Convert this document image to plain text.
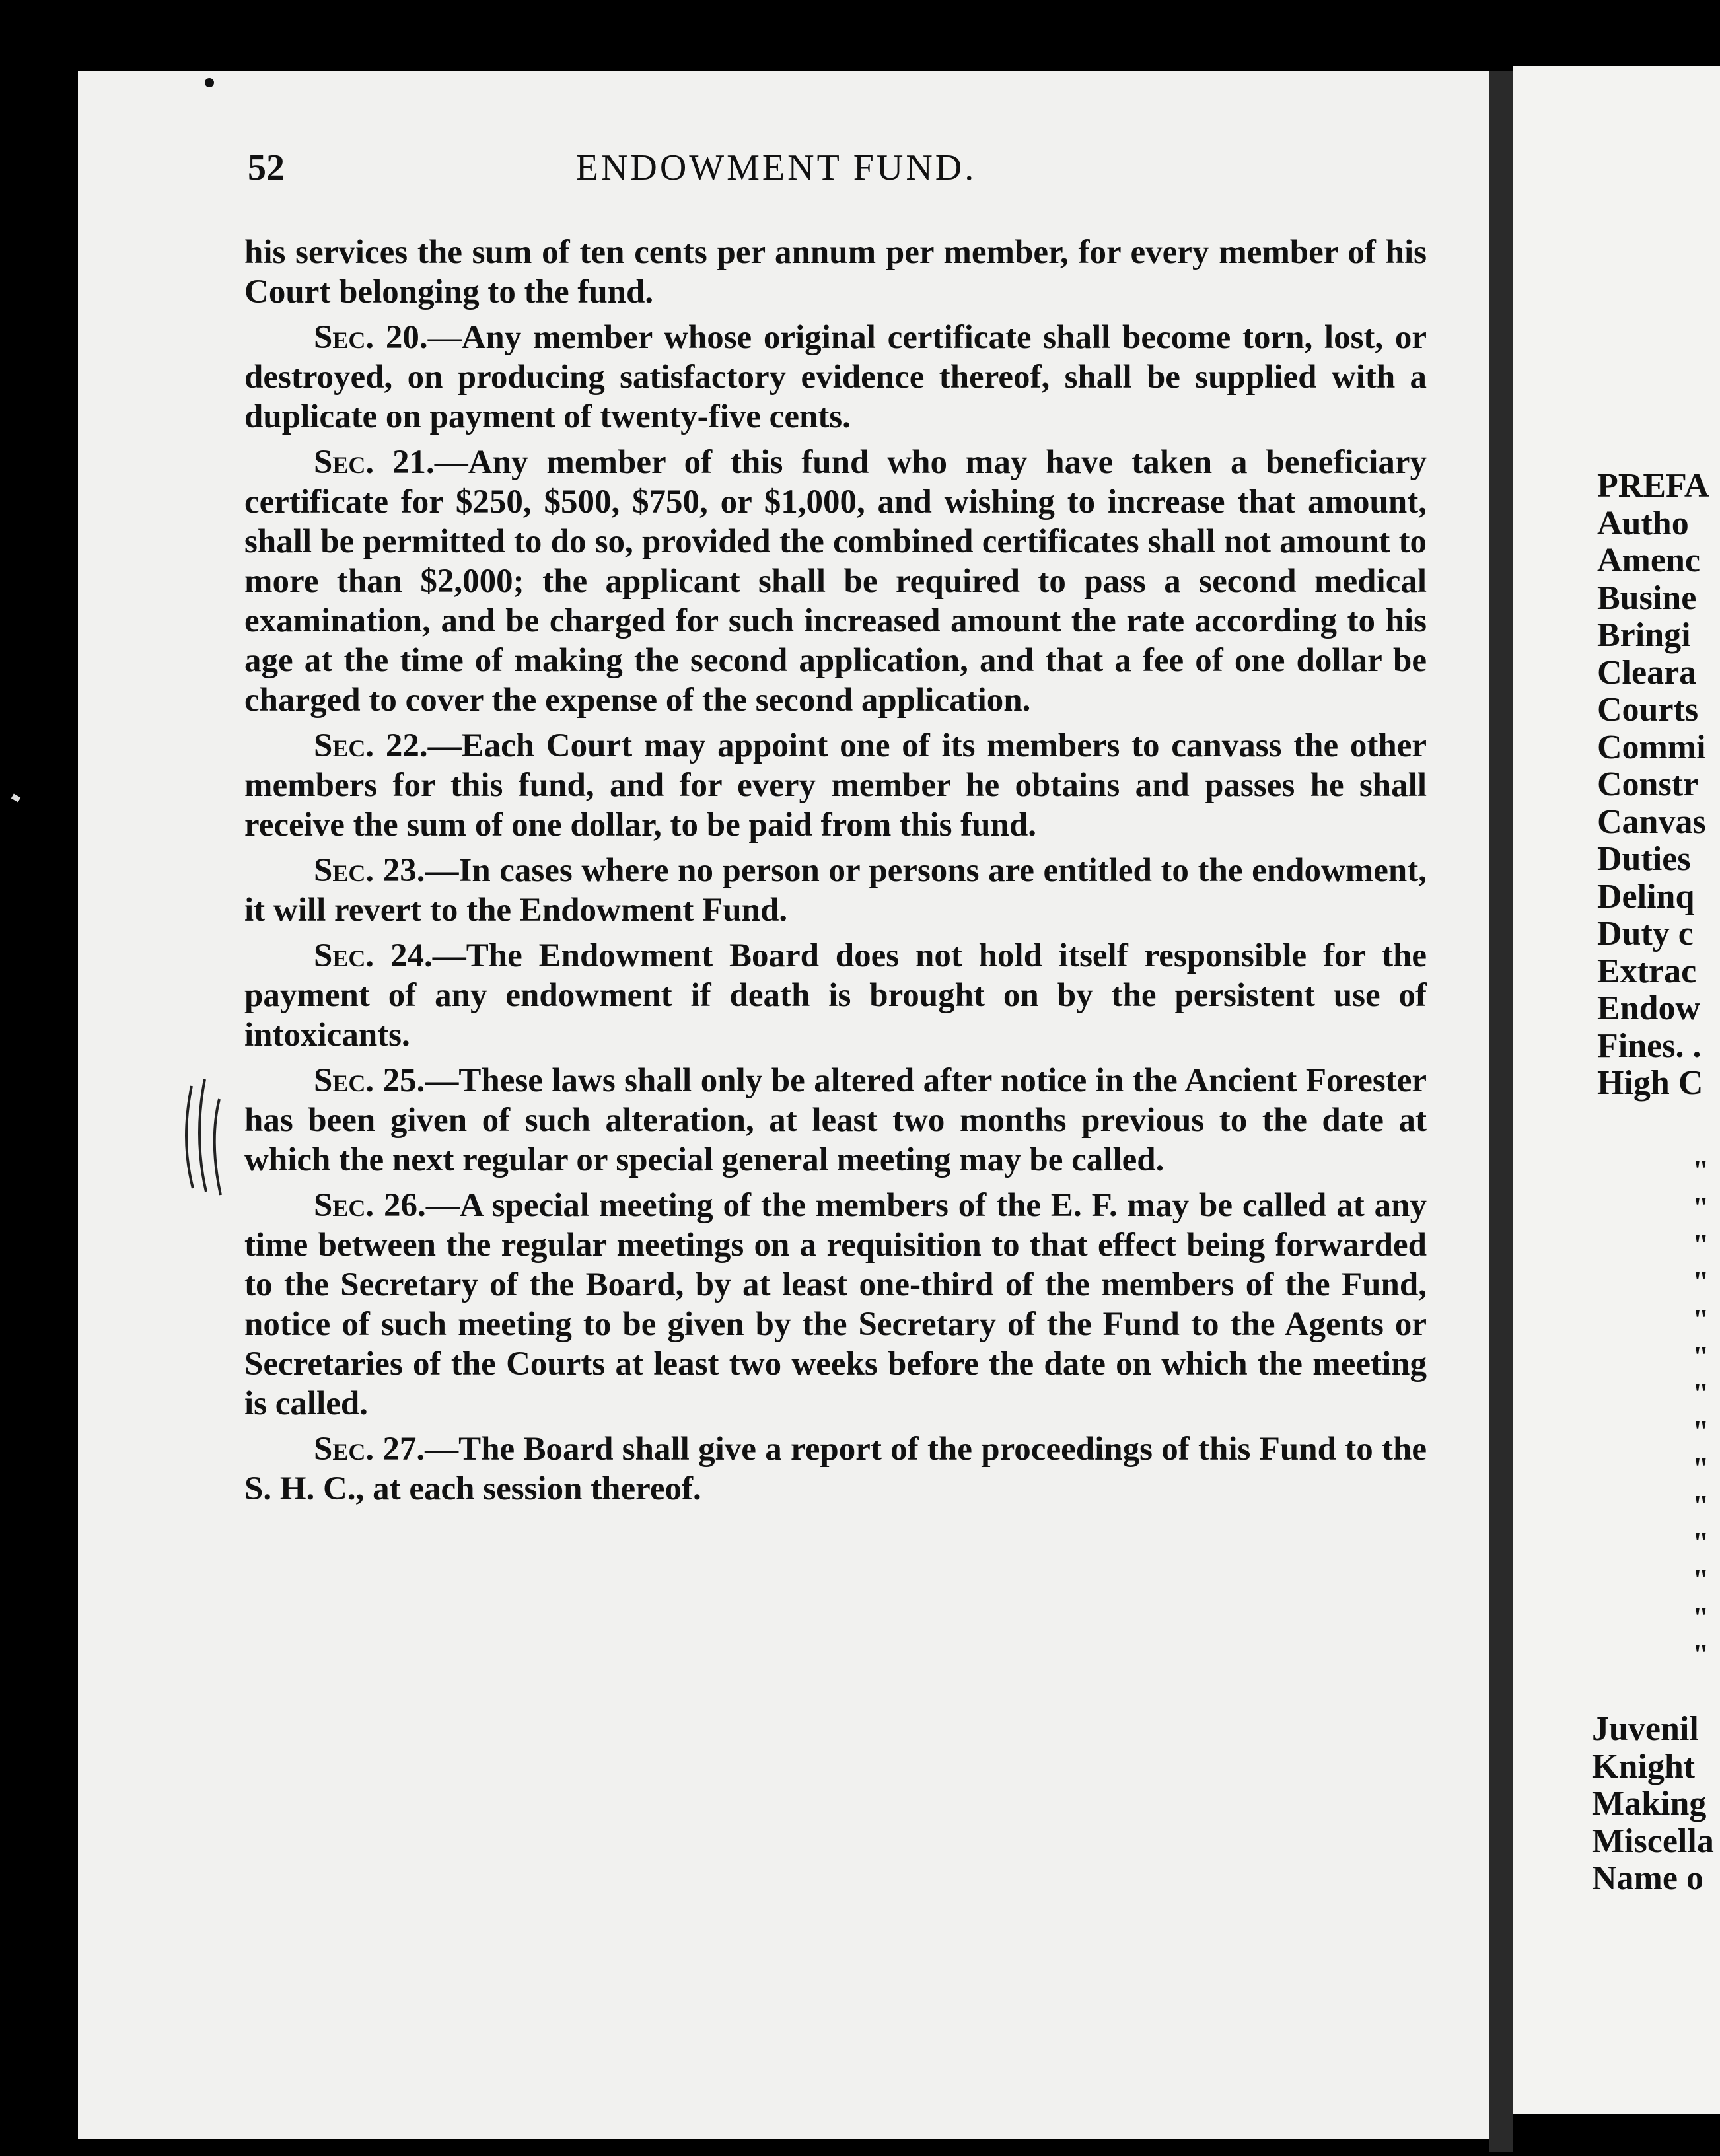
52	ENDOWMENT FUND.

his services the sum of ten cents per annum per member, for every member of his Court belonging to the fund.

Sec. 20.—Any member whose original certificate shall become torn, lost, or destroyed, on producing satisfactory evidence thereof, shall be supplied with a duplicate on payment of twenty-five cents.

Sec. 21.—Any member of this fund who may have taken a beneficiary certificate for $250, $500, $750, or $1,000, and wishing to increase that amount, shall be permitted to do so, provided the combined certificates shall not amount to more than $2,000; the applicant shall be required to pass a second medical examination, and be charged for such increased amount the rate according to his age at the time of making the second application, and that a fee of one dollar be charged to cover the expense of the second application.

Sec. 22.—Each Court may appoint one of its members to canvass the other members for this fund, and for every member he obtains and passes he shall receive the sum of one dollar, to be paid from this fund.

Sec. 23.—In cases where no person or persons are entitled to the endowment, it will revert to the Endowment Fund.

Sec. 24.—The Endowment Board does not hold itself responsible for the payment of any endowment if death is brought on by the persistent use of intoxicants.

Sec. 25.—These laws shall only be altered after notice in the Ancient Forester has been given of such alteration, at least two months previous to the date at which the next regular or special general meeting may be called.

Sec. 26.—A special meeting of the members of the E. F. may be called at any time between the regular meetings on a requisition to that effect being forwarded to the Secretary of the Board, by at least one-third of the members of the Fund, notice of such meeting to be given by the Secretary of the Fund to the Agents or Secretaries of the Courts at least two weeks before the date on which the meeting is called.

Sec. 27.—The Board shall give a report of the proceedings of this Fund to the S. H. C., at each session thereof.

PREFA
Autho
Amenc
Busine
Bringi
Cleara
Courts
Commi
Constr
Canvas
Duties
Delinq
Duty c
Extrac
Endow
Fines. .
High C
"
"
"
"
"
"
"
"
"
"
"
"
"
"
Juvenil
Knight
Making
Miscella
Name o
